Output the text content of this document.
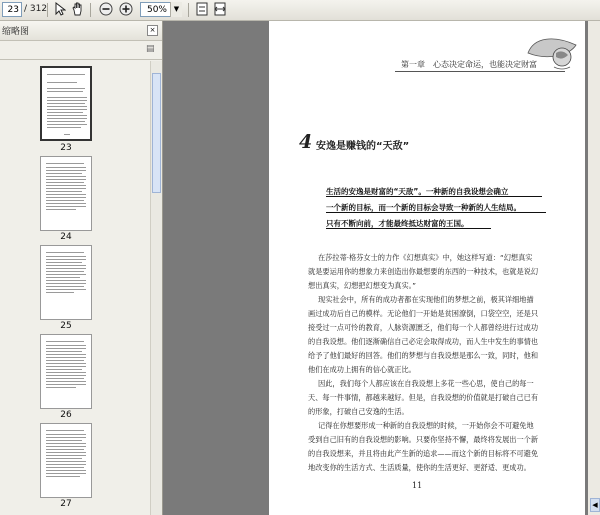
23 / 312	50% ▼
缩略图	×
▤
23
24
25
26
27
第一章　心态决定命运，也能决定财富
4 安逸是赚钱的“天敌”
生活的安逸是财富的“天敌”。一种新的自我设想会确立
一个新的目标，而一个新的目标会导致一种新的人生结局。
只有不断向前，才能最终抵达财富的王国。
在莎拉蒂·格芬女士的力作《幻想真实》中，她这样写道：“幻想真实
就是要运用你的想象力来创造出你最想要的东西的一种技术，也就是说幻
想出真实，幻想把幻想变为真实。”
现实社会中，所有的成功者都在实现他们的梦想之前，极其详细地描
画过成功后自己的模样。无论他们一开始是贫困潦倒，口袋空空，还是只
接受过一点可怜的教育，人脉资源匮乏，他们每一个人都曾经进行过成功
的自我设想。他们逐渐确信自己必定会取得成功，而人生中发生的事情也
给予了他们最好的回答。他们的梦想与自我设想是那么一致，同时，他和
他们在成功上拥有的信心就正比。
因此，我们每个人都应该在自我设想上多花一些心思，使自己的每一
天、每一件事情，都越来越好。但是，自我设想的价值就是打破自己已有
的形象，打破自己安逸的生活。
记得在你想要形成一种新的自我设想的时候，一开始你会不可避免地
受到自己旧有的自我设想的影响。只要你坚持不懈，最终将发展出一个新
的自我设想来，并且将由此产生新的追求——而这个新的目标将不可避免
地改变你的生活方式、生活质量，使你的生活更好、更舒适、更成功。
11
◀
